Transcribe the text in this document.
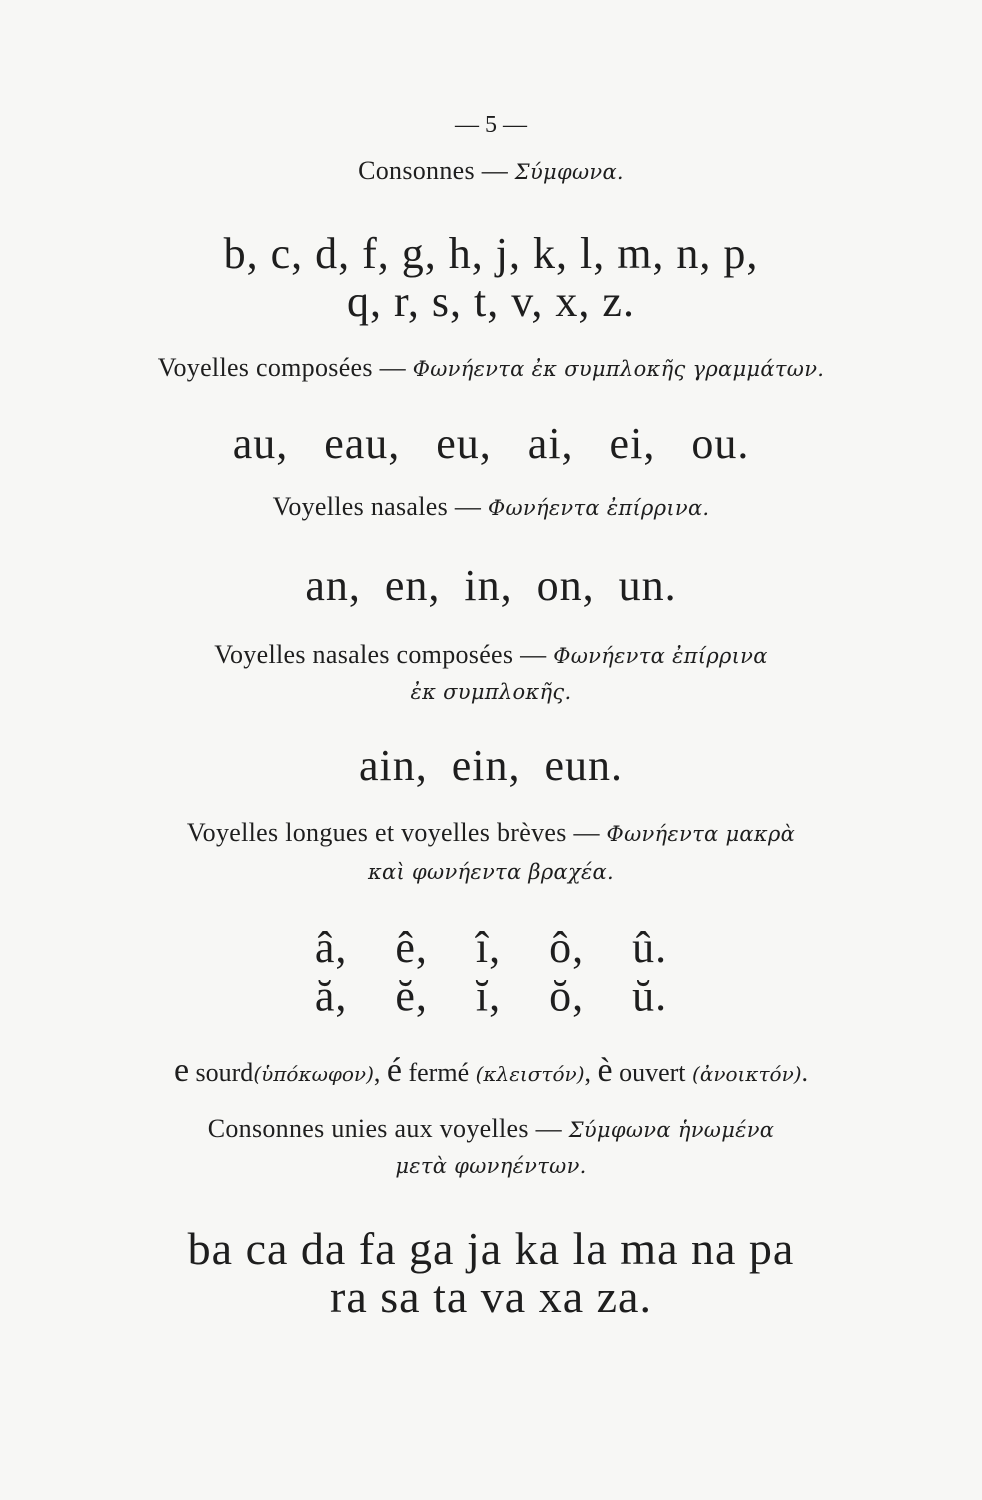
— 5 —
Consonnes — Σύμφωνα.
b, c, d, f, g, h, j, k, l, m, n, p,
q, r, s, t, v, x, z.
Voyelles composées — Φωνήεντα ἐκ συμπλοκῆς γραμμάτων.
au,   eau,   eu,   ai,   ei,   ou.
Voyelles nasales — Φωνήεντα ἐπίρρινα.
an,  en,  in,  on,  un.
Voyelles nasales composées — Φωνήεντα ἐπίρρινα
ἐκ συμπλοκῆς.
ain,  ein,  eun.
Voyelles longues et voyelles brèves — Φωνήεντα μακρὰ
καὶ φωνήεντα βραχέα.
â,    ê,    î,    ô,    û.
ă,    ĕ,    ĭ,    ŏ,    ŭ.
e sourd(ὑπόκωφον), é fermé (κλειστόν), è ouvert (ἀνοικτόν).
Consonnes unies aux voyelles — Σύμφωνα ἡνωμένα
μετὰ φωνηέντων.
ba ca da fa ga ja ka la ma na pa
ra sa ta va xa za.
